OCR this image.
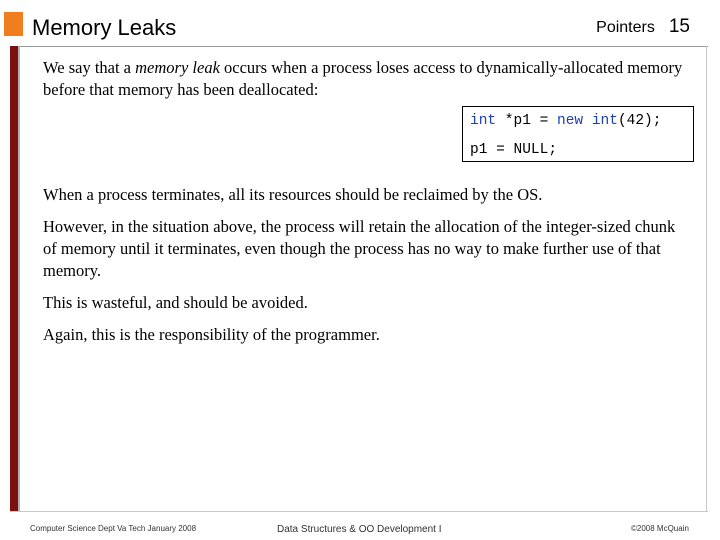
Memory Leaks	Pointers 15

We say that a memory leak occurs when a process loses access to dynamically-allocated memory before that memory has been deallocated:

int *p1 = new int(42);
p1 = NULL;

When a process terminates, all its resources should be reclaimed by the OS.

However, in the situation above, the process will retain the allocation of the integer-sized chunk of memory until it terminates, even though the process has no way to make further use of that memory.

This is wasteful, and should be avoided.

Again, this is the responsibility of the programmer.

Computer Science Dept Va Tech January 2008	Data Structures & OO Development I	©2008 McQuain
